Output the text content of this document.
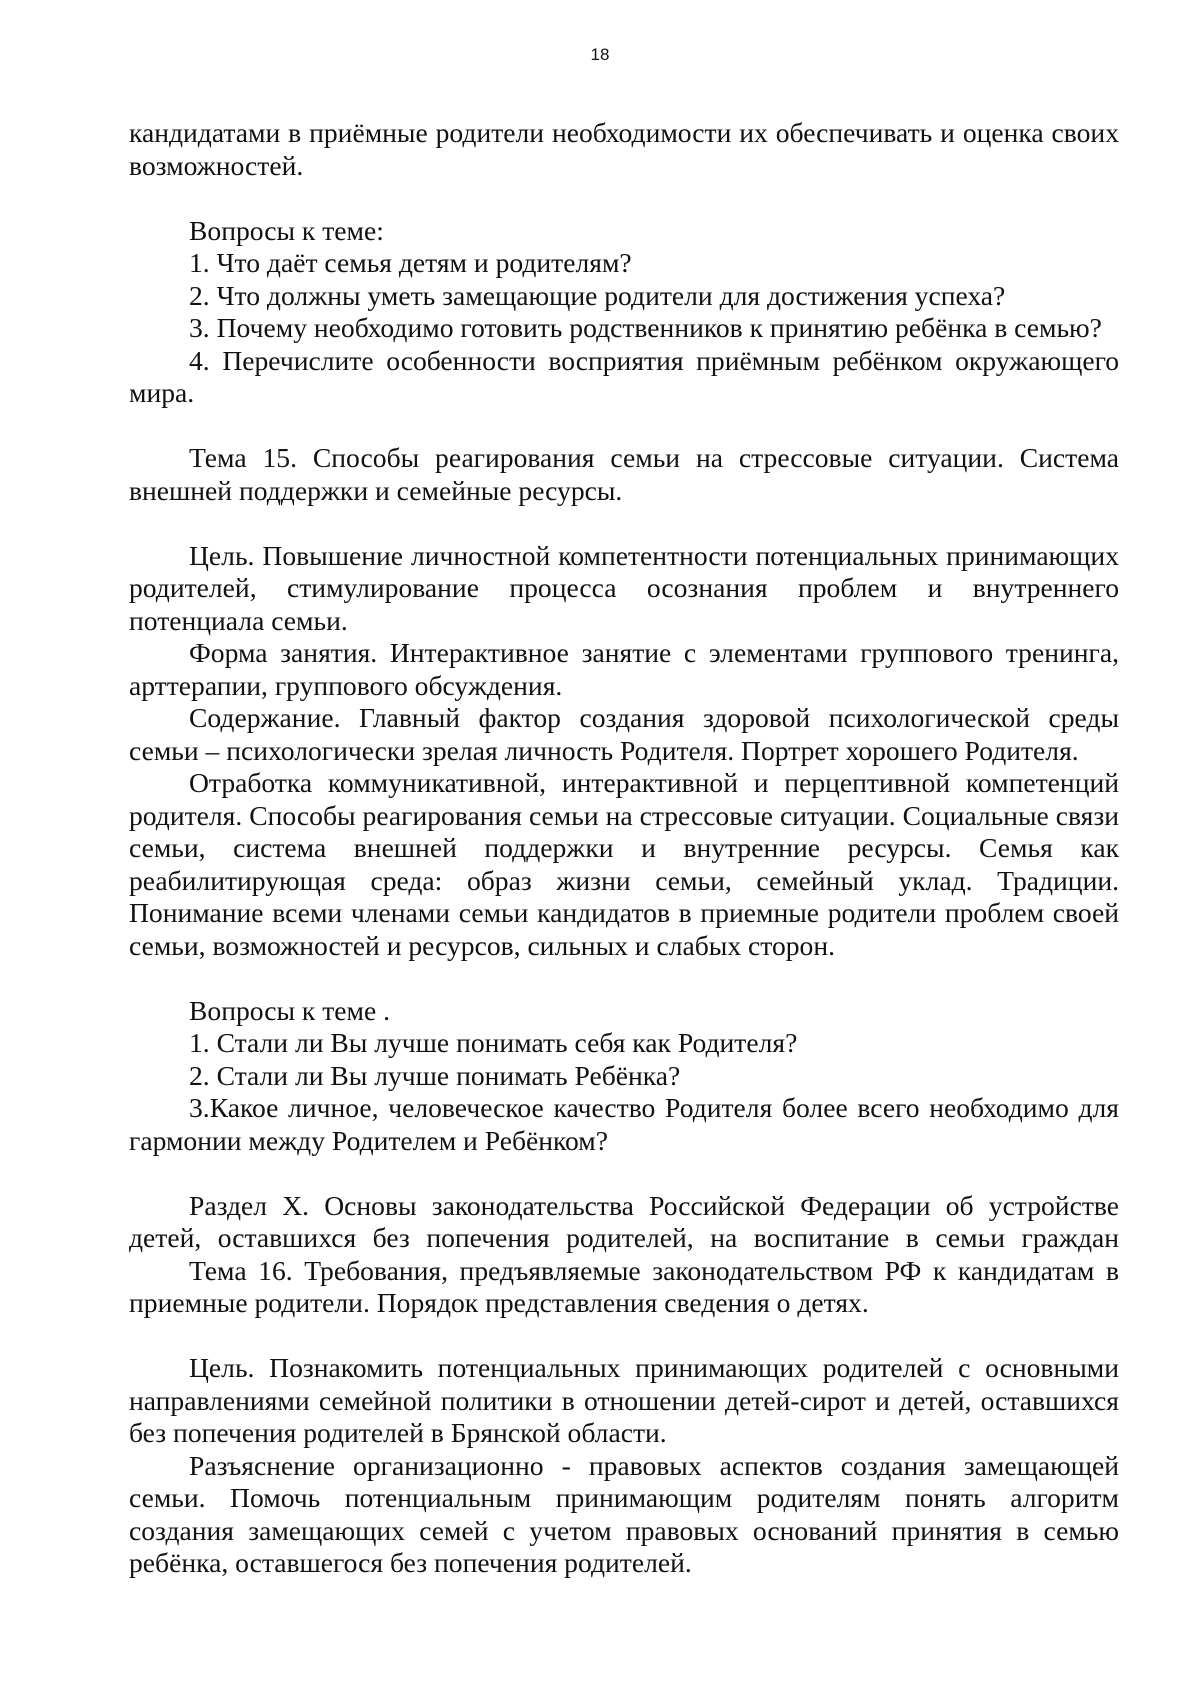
18

кандидатами в приёмные родители необходимости их обеспечивать и оценка своих возможностей.

Вопросы к теме:

1. Что даёт семья детям и родителям?

2. Что должны уметь замещающие родители для достижения успеха?

3. Почему необходимо готовить родственников к принятию ребёнка в семью?

4. Перечислите особенности восприятия приёмным ребёнком окружающего мира.

Тема 15. Способы реагирования семьи на стрессовые ситуации. Система внешней поддержки и семейные ресурсы.

Цель. Повышение личностной компетентности потенциальных принимающих родителей, стимулирование процесса осознания проблем и внутреннего потенциала семьи.

Форма занятия. Интерактивное занятие с элементами группового тренинга, арттерапии, группового обсуждения.

Содержание. Главный фактор создания здоровой психологической среды семьи – психологически зрелая личность Родителя. Портрет хорошего Родителя.

Отработка коммуникативной, интерактивной и перцептивной компетенций родителя. Способы реагирования семьи на стрессовые ситуации. Социальные связи семьи, система внешней поддержки и внутренние ресурсы. Семья как реабилитирующая среда: образ жизни семьи, семейный уклад. Традиции. Понимание всеми членами семьи кандидатов в приемные родители проблем своей семьи, возможностей и ресурсов, сильных и слабых сторон.

Вопросы к теме .

1. Стали ли Вы лучше понимать себя как Родителя?

2. Стали ли Вы лучше понимать Ребёнка?

3.Какое личное, человеческое качество Родителя более всего необходимо для гармонии между Родителем и Ребёнком?

Раздел X. Основы законодательства Российской Федерации об устройстве детей, оставшихся без попечения родителей, на воспитание в семьи граждан

Тема 16. Требования, предъявляемые законодательством РФ к кандидатам в приемные родители. Порядок представления сведения о детях.

Цель. Познакомить потенциальных принимающих родителей с основными направлениями семейной политики в отношении детей-сирот и детей, оставшихся без попечения родителей в Брянской области.

Разъяснение организационно - правовых аспектов создания замещающей семьи. Помочь потенциальным принимающим родителям понять алгоритм создания замещающих семей с учетом правовых оснований принятия в семью ребёнка, оставшегося без попечения родителей.
